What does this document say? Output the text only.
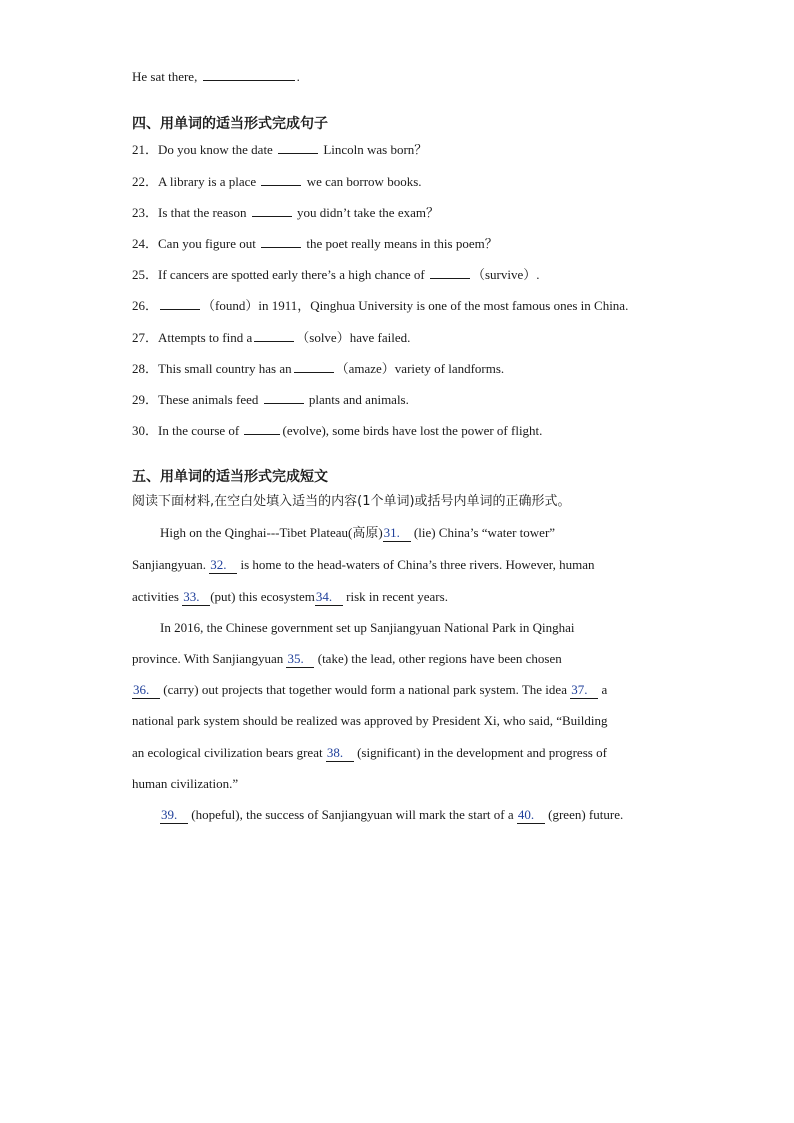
He sat there,	.
四、用单词的适当形式完成句子
21．Do you know the date	Lincoln was born？
22．A library is a place	we can borrow books.
23．Is that the reason	you didn’t take the exam？
24．Can you figure out	the poet really means in this poem？
25．If cancers are spotted early there’s a high chance of	（survive）.
26．	（found）in 1911，Qinghua University is one of the most famous ones in China.
27．Attempts to find a	（solve）have failed.
28．This small country has an	（amaze）variety of landforms.
29．These animals feed	plants and animals.
30．In the course of	(evolve), some birds have lost the power of flight.
五、用单词的适当形式完成短文
阅读下面材料,在空白处填入适当的内容(1个单词)或括号内单词的正确形式。
High on the Qinghai---Tibet Plateau(高原)31. (lie) China’s “water tower”
Sanjiangyuan. 32. is home to the head-waters of China’s three rivers. However, human
activities 33. (put) this ecosystem34. risk in recent years.
In 2016, the Chinese government set up Sanjiangyuan National Park in Qinghai
province. With Sanjiangyuan 35. (take) the lead, other regions have been chosen
36. (carry) out projects that together would form a national park system. The idea 37. a
national park system should be realized was approved by President Xi, who said, “Building
an ecological civilization bears great 38. (significant) in the development and progress of
human civilization.”
39. (hopeful), the success of Sanjiangyuan will mark the start of a 40. (green) future.
